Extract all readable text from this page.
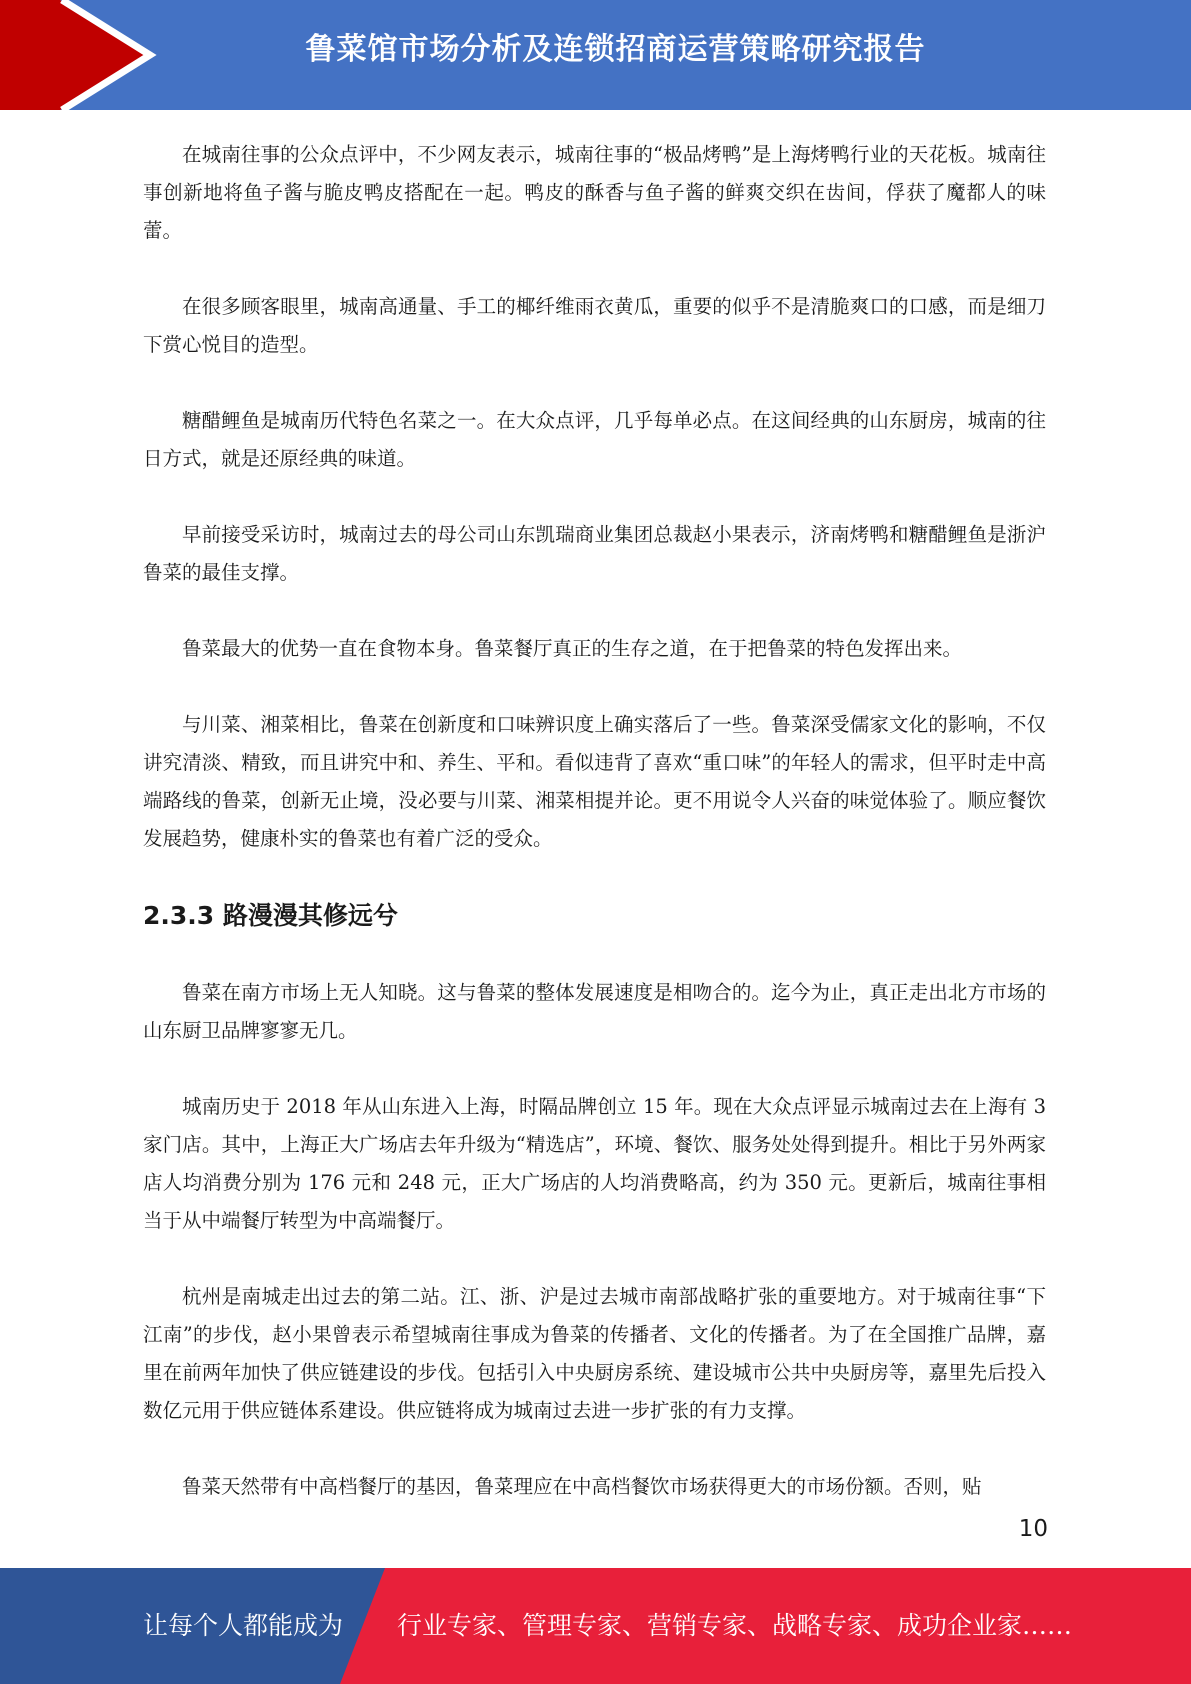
鲁菜馆市场分析及连锁招商运营策略研究报告

在城南往事的公众点评中，不少网友表示，城南往事的“极品烤鸭”是上海烤鸭行业的天花板。城南往事创新地将鱼子酱与脆皮鸭皮搭配在一起。鸭皮的酥香与鱼子酱的鲜爽交织在齿间，俘获了魔都人的味蕾。

在很多顾客眼里，城南高通量、手工的椰纤维雨衣黄瓜，重要的似乎不是清脆爽口的口感，而是细刀下赏心悦目的造型。

糖醋鲤鱼是城南历代特色名菜之一。在大众点评，几乎每单必点。在这间经典的山东厨房，城南的往日方式，就是还原经典的味道。

早前接受采访时，城南过去的母公司山东凯瑞商业集团总裁赵小果表示，济南烤鸭和糖醋鲤鱼是浙沪鲁菜的最佳支撑。

鲁菜最大的优势一直在食物本身。鲁菜餐厅真正的生存之道，在于把鲁菜的特色发挥出来。

与川菜、湘菜相比，鲁菜在创新度和口味辨识度上确实落后了一些。鲁菜深受儒家文化的影响，不仅讲究清淡、精致，而且讲究中和、养生、平和。看似违背了喜欢“重口味”的年轻人的需求，但平时走中高端路线的鲁菜，创新无止境，没必要与川菜、湘菜相提并论。更不用说令人兴奋的味觉体验了。顺应餐饮发展趋势，健康朴实的鲁菜也有着广泛的受众。

2.3.3 路漫漫其修远兮

鲁菜在南方市场上无人知晓。这与鲁菜的整体发展速度是相吻合的。迄今为止，真正走出北方市场的山东厨卫品牌寥寥无几。

城南历史于 2018 年从山东进入上海，时隔品牌创立 15 年。现在大众点评显示城南过去在上海有 3 家门店。其中，上海正大广场店去年升级为“精选店”，环境、餐饮、服务处处得到提升。相比于另外两家店人均消费分别为 176 元和 248 元，正大广场店的人均消费略高，约为 350 元。更新后，城南往事相当于从中端餐厅转型为中高端餐厅。

杭州是南城走出过去的第二站。江、浙、沪是过去城市南部战略扩张的重要地方。对于城南往事“下江南”的步伐，赵小果曾表示希望城南往事成为鲁菜的传播者、文化的传播者。为了在全国推广品牌，嘉里在前两年加快了供应链建设的步伐。包括引入中央厨房系统、建设城市公共中央厨房等，嘉里先后投入数亿元用于供应链体系建设。供应链将成为城南过去进一步扩张的有力支撑。

鲁菜天然带有中高档餐厅的基因，鲁菜理应在中高档餐饮市场获得更大的市场份额。否则，贴

10
让每个人都能成为 行业专家、管理专家、营销专家、战略专家、成功企业家……
